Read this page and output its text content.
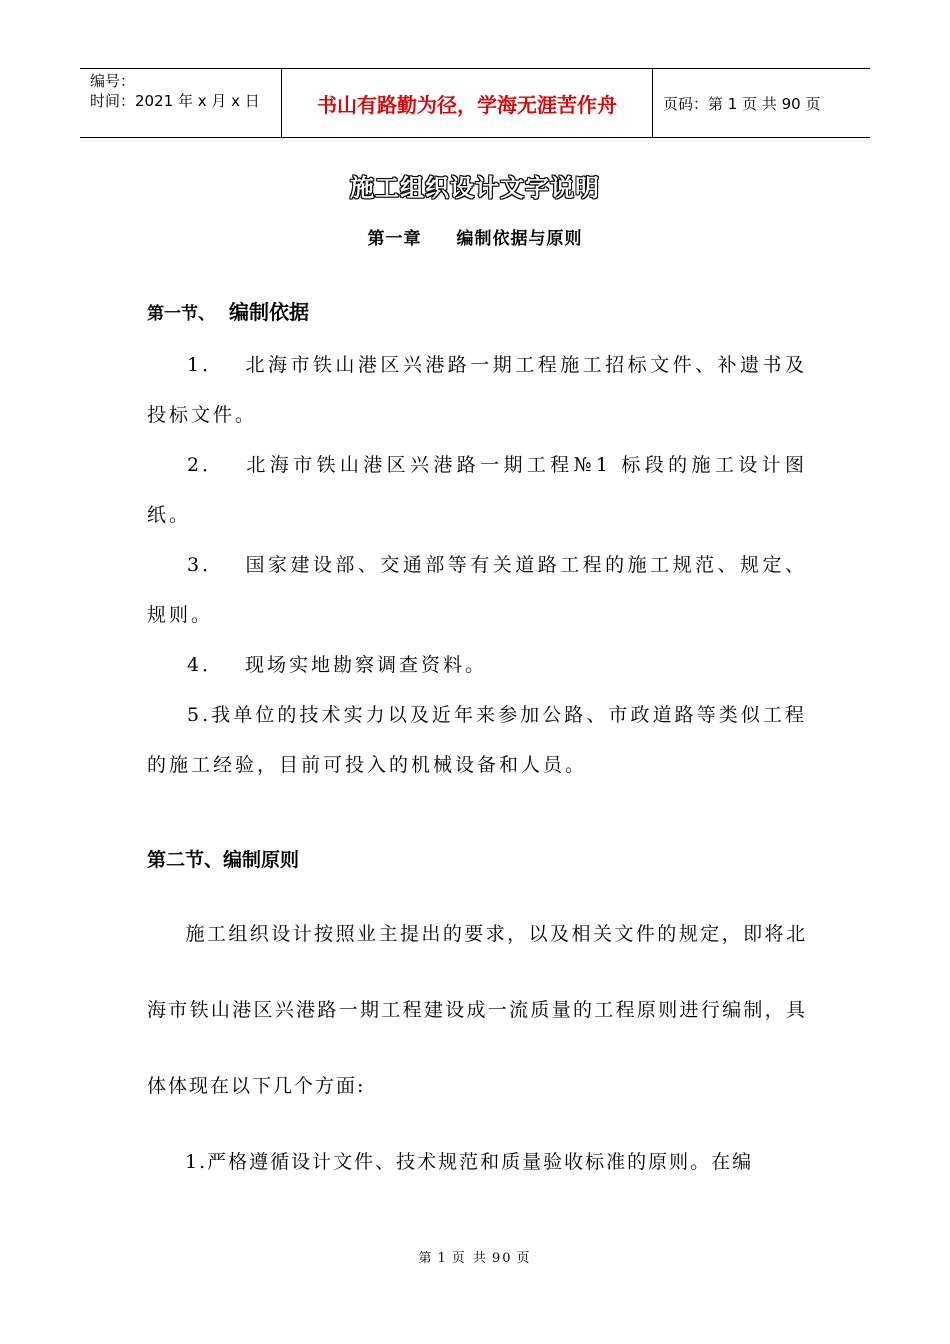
编号：
时间：2021 年 x 月 x 日	书山有路勤为径，学海无涯苦作舟	页码：第 1 页 共 90 页
施工组织设计文字说明
第一章 编制依据与原则
第一节、 编制依据
1． 北海市铁山港区兴港路一期工程施工招标文件、补遗书及投标文件。
2． 北海市铁山港区兴港路一期工程№1 标段的施工设计图纸。
3． 国家建设部、交通部等有关道路工程的施工规范、规定、规则。
4． 现场实地勘察调查资料。
5.我单位的技术实力以及近年来参加公路、市政道路等类似工程的施工经验，目前可投入的机械设备和人员。
第二节、编制原则
施工组织设计按照业主提出的要求，以及相关文件的规定，即将北海市铁山港区兴港路一期工程建设成一流质量的工程原则进行编制，具体体现在以下几个方面:
1.严格遵循设计文件、技术规范和质量验收标准的原则。在编
第 1 页 共 90 页
